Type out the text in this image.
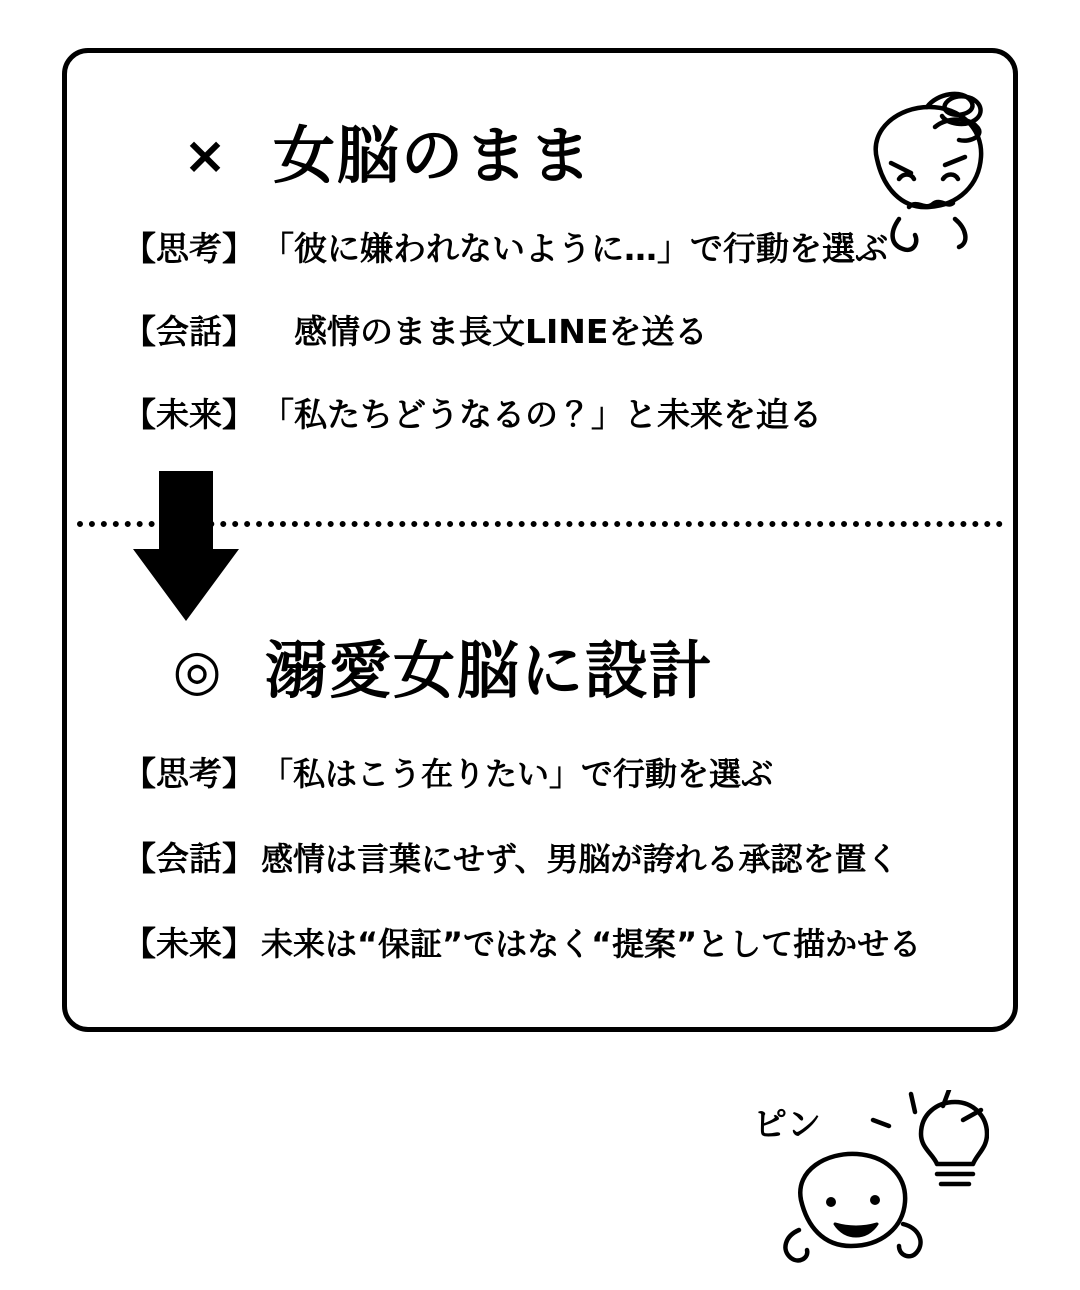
× 女脳のまま
【思考】 「彼に嫌われないように…」で行動を選ぶ
【会話】 　感情のまま長文LINEを送る
【未来】 「私たちどうなるの？」と未来を迫る
◎ 溺愛女脳に設計
【思考】 「私はこう在りたい」で行動を選ぶ
【会話】 感情は言葉にせず、男脳が誇れる承認を置く
【未来】 未来は“保証”ではなく“提案”として描かせる
ピン
